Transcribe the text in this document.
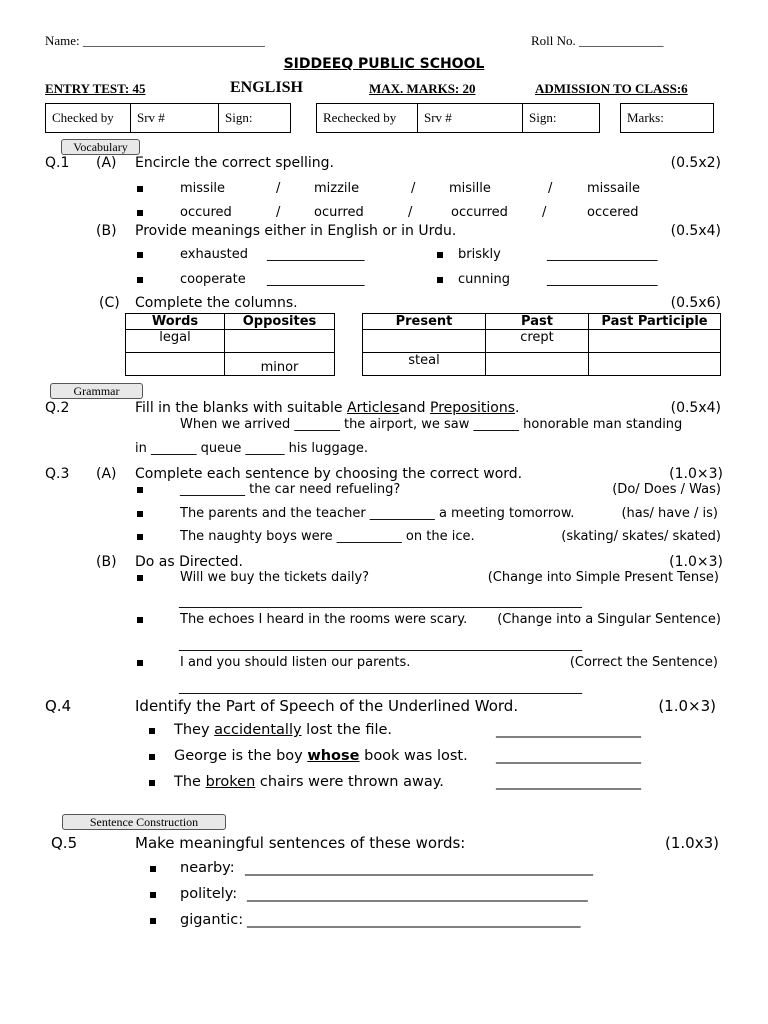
Name: ____________________________	Roll No. _____________
SIDDEEQ PUBLIC SCHOOL
ENTRY TEST: 45	ENGLISH	MAX. MARKS: 20	ADMISSION TO CLASS:6
Checked by	Srv #	Sign:	Rechecked by	Srv #	Sign:	Marks:
Vocabulary
Q.1 (A) Encircle the correct spelling.	(0.5x2)
missile	/	mizzile	/	misille	/	missaile
occured	/	ocurred	/	occurred	/	occered
(B) Provide meanings either in English or in Urdu.	(0.5x4)
exhausted _______________	briskly	_________________
cooperate _______________	cunning	_________________
(C) Complete the columns.	(0.5x6)
Words	Opposites
legal	
	minor
Present	Past	Past Participle
	crept	
steal		
Grammar
Q.2	Fill in the blanks with suitable Articlesand Prepositions.	(0.5x4)
When we arrived _______ the airport, we saw _______ honorable man standing
in _______ queue ______ his luggage.
Q.3 (A) Complete each sentence by choosing the correct word.	(1.0×3)
__________ the car need refueling?	(Do/ Does / Was)
The parents and the teacher __________ a meeting tomorrow.	(has/ have / is)
The naughty boys were __________ on the ice.	(skating/ skates/ skated)
(B) Do as Directed.	(1.0×3)
Will we buy the tickets daily?	(Change into Simple Present Tense)
______________________________________________________________
The echoes I heard in the rooms were scary. (Change into a Singular Sentence)
______________________________________________________________
I and you should listen our parents.	(Correct the Sentence)
______________________________________________________________
Q.4	Identify the Part of Speech of the Underlined Word.	(1.0×3)
They accidentally lost the file.	____________________
George is the boy whose book was lost. ____________________
The broken chairs were thrown away.	____________________
Sentence Construction
Q.5	Make meaningful sentences of these words:	(1.0x3)
nearby: ________________________________________________
politely: _______________________________________________
gigantic: ______________________________________________
